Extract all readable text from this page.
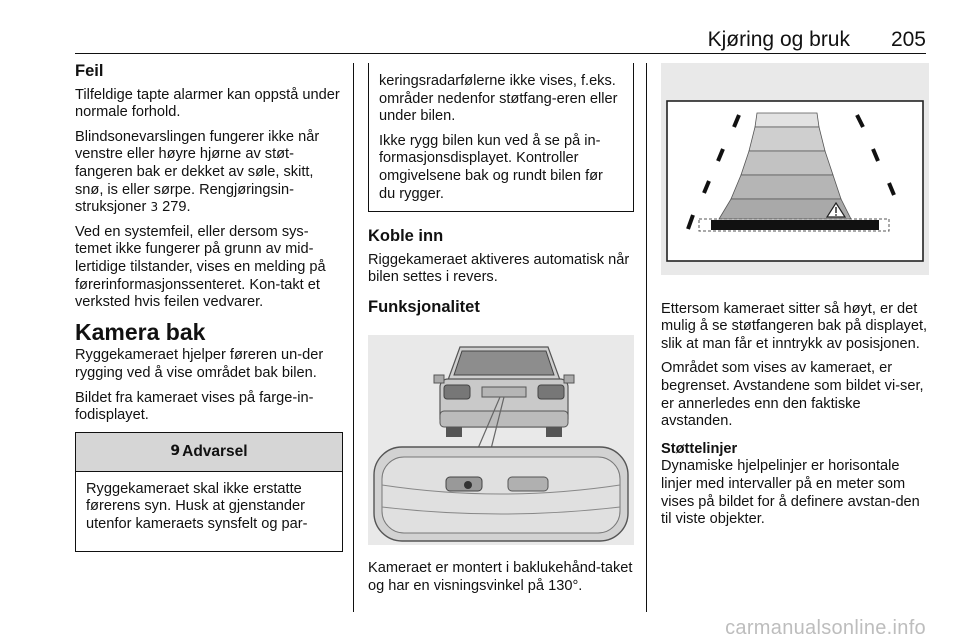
Kjøring og bruk 205
Feil

Tilfeldige tapte alarmer kan oppstå under normale forhold.

Blindsonevarslingen fungerer ikke når venstre eller høyre hjørne av støt-fangeren bak er dekket av søle, skitt, snø, is eller sørpe. Rengjøringsin-struksjoner 3 279.

Ved en systemfeil, eller dersom sys-temet ikke fungerer på grunn av mid-lertidige tilstander, vises en melding på førerinformasjonssenteret. Kon-takt et verksted hvis feilen vedvarer.

Kamera bak

Ryggekameraet hjelper føreren un-der rygging ved å vise området bak bilen.

Bildet fra kameraet vises på farge-in-fodisplayet.

9 Advarsel
Ryggekameraet skal ikke erstatte førerens syn. Husk at gjenstander utenfor kameraets synsfelt og par-

keringsradarfølerne ikke vises, f.eks. områder nedenfor støtfang-eren eller under bilen.

Ikke rygg bilen kun ved å se på in-formasjonsdisplayet. Kontroller omgivelsene bak og rundt bilen før du rygger.

Koble inn

Riggekameraet aktiveres automatisk når bilen settes i revers.

Funksjonalitet

Kameraet er montert i baklukehånd-taket og har en visningsvinkel på 130°.

Ettersom kameraet sitter så høyt, er det mulig å se støtfangeren bak på displayet, slik at man får et inntrykk av posisjonen.

Området som vises av kameraet, er begrenset. Avstandene som bildet vi-ser, er annerledes enn den faktiske avstanden.

Støttelinjer

Dynamiske hjelpelinjer er horisontale linjer med intervaller på en meter som vises på bildet for å definere avstan-den til viste objekter.

carmanualsonline.info
